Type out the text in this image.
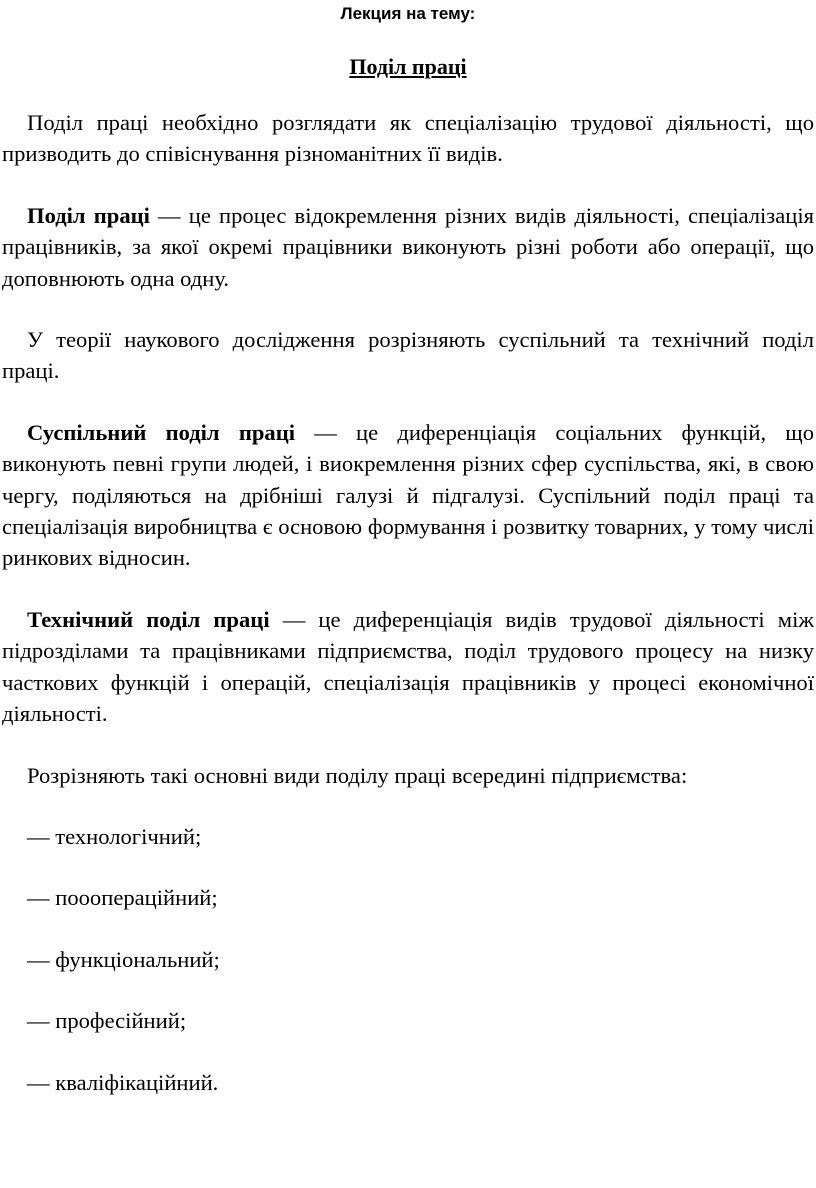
Лекция на тему:
Поділ праці

Поділ праці необхідно розглядати як спеціалізацію трудової діяльності, що призводить до співіснування різноманітних її видів.

Поділ праці — це процес відокремлення різних видів діяльності, спеціалізація працівників, за якої окремі працівники виконують різні роботи або операції, що доповнюють одна одну.

У теорії наукового дослідження розрізняють суспільний та технічний поділ праці.

Суспільний поділ праці — це диференціація соціальних функцій, що виконують певні групи людей, і виокремлення різних сфер суспільства, які, в свою чергу, поділяються на дрібніші галузі й підгалузі. Суспільний поділ праці та спеціалізація виробництва є основою формування і розвитку товарних, у тому числі ринкових відносин.

Технічний поділ праці — це диференціація видів трудової діяльності між підрозділами та працівниками підприємства, поділ трудового процесу на низку часткових функцій і операцій, спеціалізація працівників у процесі економічної діяльності.

Розрізняють такі основні види поділу праці всередині підприємства:

— технологічний;
— пооопераційний;
— функціональний;
— професійний;
— кваліфікаційний.
